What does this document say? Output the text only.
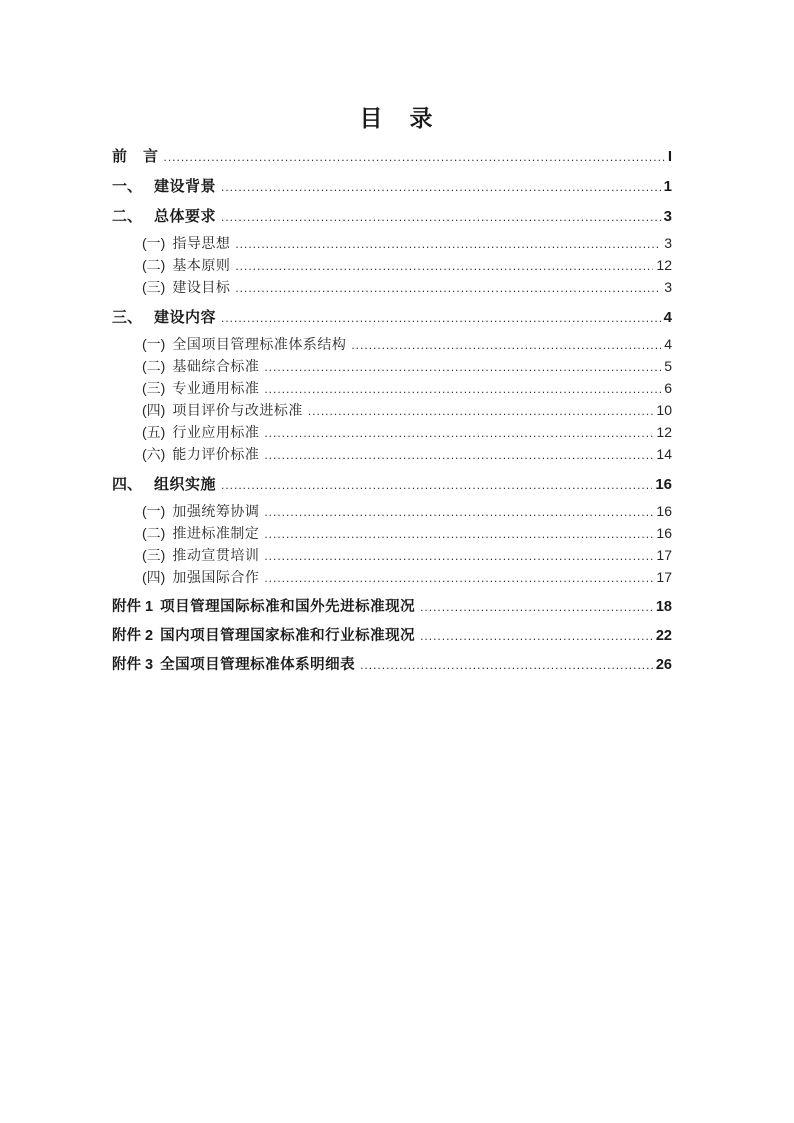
目　录
前　言 .....	I
一、 建设背景 .....	1
二、 总体要求 .....	3
(一) 指导思想 .....	3
(二) 基本原则 .....	12
(三) 建设目标 .....	3
三、 建设内容 .....	4
(一) 全国项目管理标准体系结构 .....	4
(二) 基础综合标准 .....	5
(三) 专业通用标准 .....	6
(四) 项目评价与改进标准 .....	10
(五) 行业应用标准 .....	12
(六) 能力评价标准 .....	14
四、 组织实施 .....	16
(一) 加强统筹协调 .....	16
(二) 推进标准制定 .....	16
(三) 推动宣贯培训 .....	17
(四) 加强国际合作 .....	17
附件 1 项目管理国际标准和国外先进标准现况 .....	18
附件 2 国内项目管理国家标准和行业标准现况 .....	22
附件 3 全国项目管理标准体系明细表 .....	26
